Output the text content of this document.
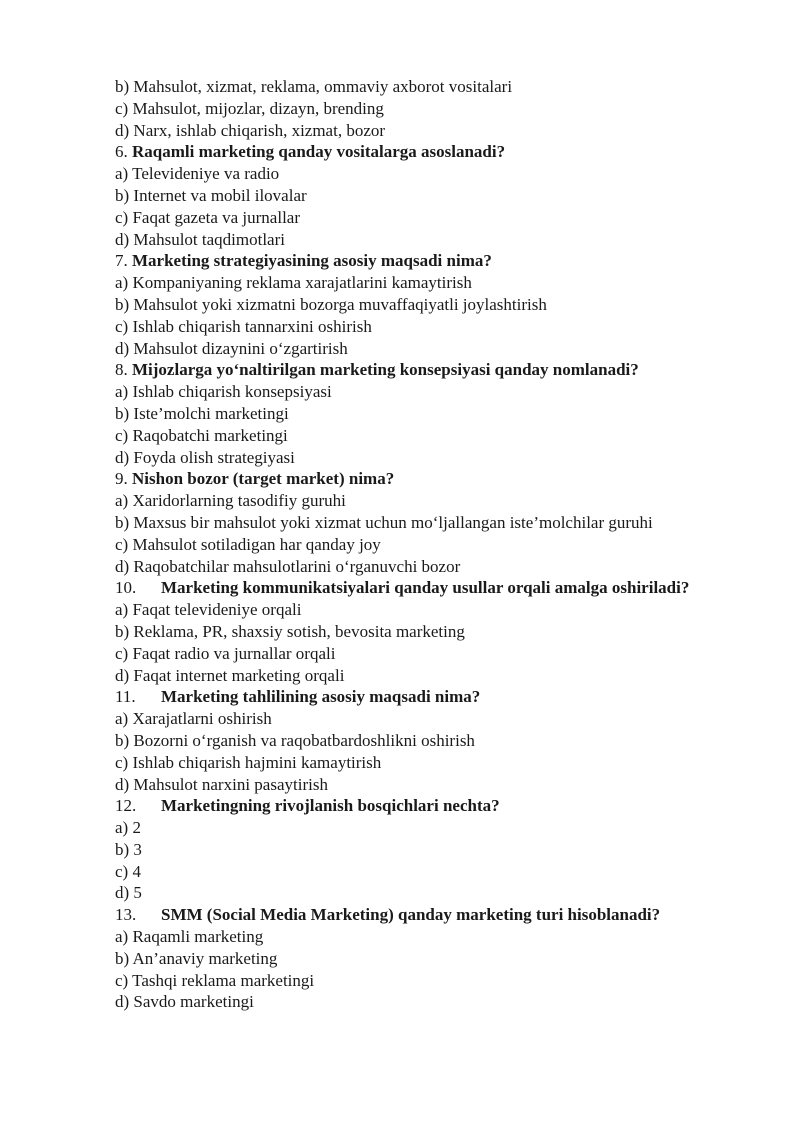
b) Mahsulot, xizmat, reklama, ommaviy axborot vositalari
c) Mahsulot, mijozlar, dizayn, brending
d) Narx, ishlab chiqarish, xizmat, bozor
6. Raqamli marketing qanday vositalarga asoslanadi?
a) Televideniye va radio
b) Internet va mobil ilovalar
c) Faqat gazeta va jurnallar
d) Mahsulot taqdimotlari
7. Marketing strategiyasining asosiy maqsadi nima?
a) Kompaniyaning reklama xarajatlarini kamaytirish
b) Mahsulot yoki xizmatni bozorga muvaffaqiyatli joylashtirish
c) Ishlab chiqarish tannarxini oshirish
d) Mahsulot dizaynini o‘zgartirish
8. Mijozlarga yo‘naltirilgan marketing konsepsiyasi qanday nomlanadi?
a) Ishlab chiqarish konsepsiyasi
b) Iste’molchi marketingi
c) Raqobatchi marketingi
d) Foyda olish strategiyasi
9. Nishon bozor (target market) nima?
a) Xaridorlarning tasodifiy guruhi
b) Maxsus bir mahsulot yoki xizmat uchun mo‘ljallangan iste’molchilar guruhi
c) Mahsulot sotiladigan har qanday joy
d) Raqobatchilar mahsulotlarini o‘rganuvchi bozor
10. Marketing kommunikatsiyalari qanday usullar orqali amalga oshiriladi?
a) Faqat televideniye orqali
b) Reklama, PR, shaxsiy sotish, bevosita marketing
c) Faqat radio va jurnallar orqali
d) Faqat internet marketing orqali
11. Marketing tahlilining asosiy maqsadi nima?
a) Xarajatlarni oshirish
b) Bozorni o‘rganish va raqobatbardoshlikni oshirish
c) Ishlab chiqarish hajmini kamaytirish
d) Mahsulot narxini pasaytirish
12. Marketingning rivojlanish bosqichlari nechta?
a) 2
b) 3
c) 4
d) 5
13. SMM (Social Media Marketing) qanday marketing turi hisoblanadi?
a) Raqamli marketing
b) An’anaviy marketing
c) Tashqi reklama marketingi
d) Savdo marketingi
